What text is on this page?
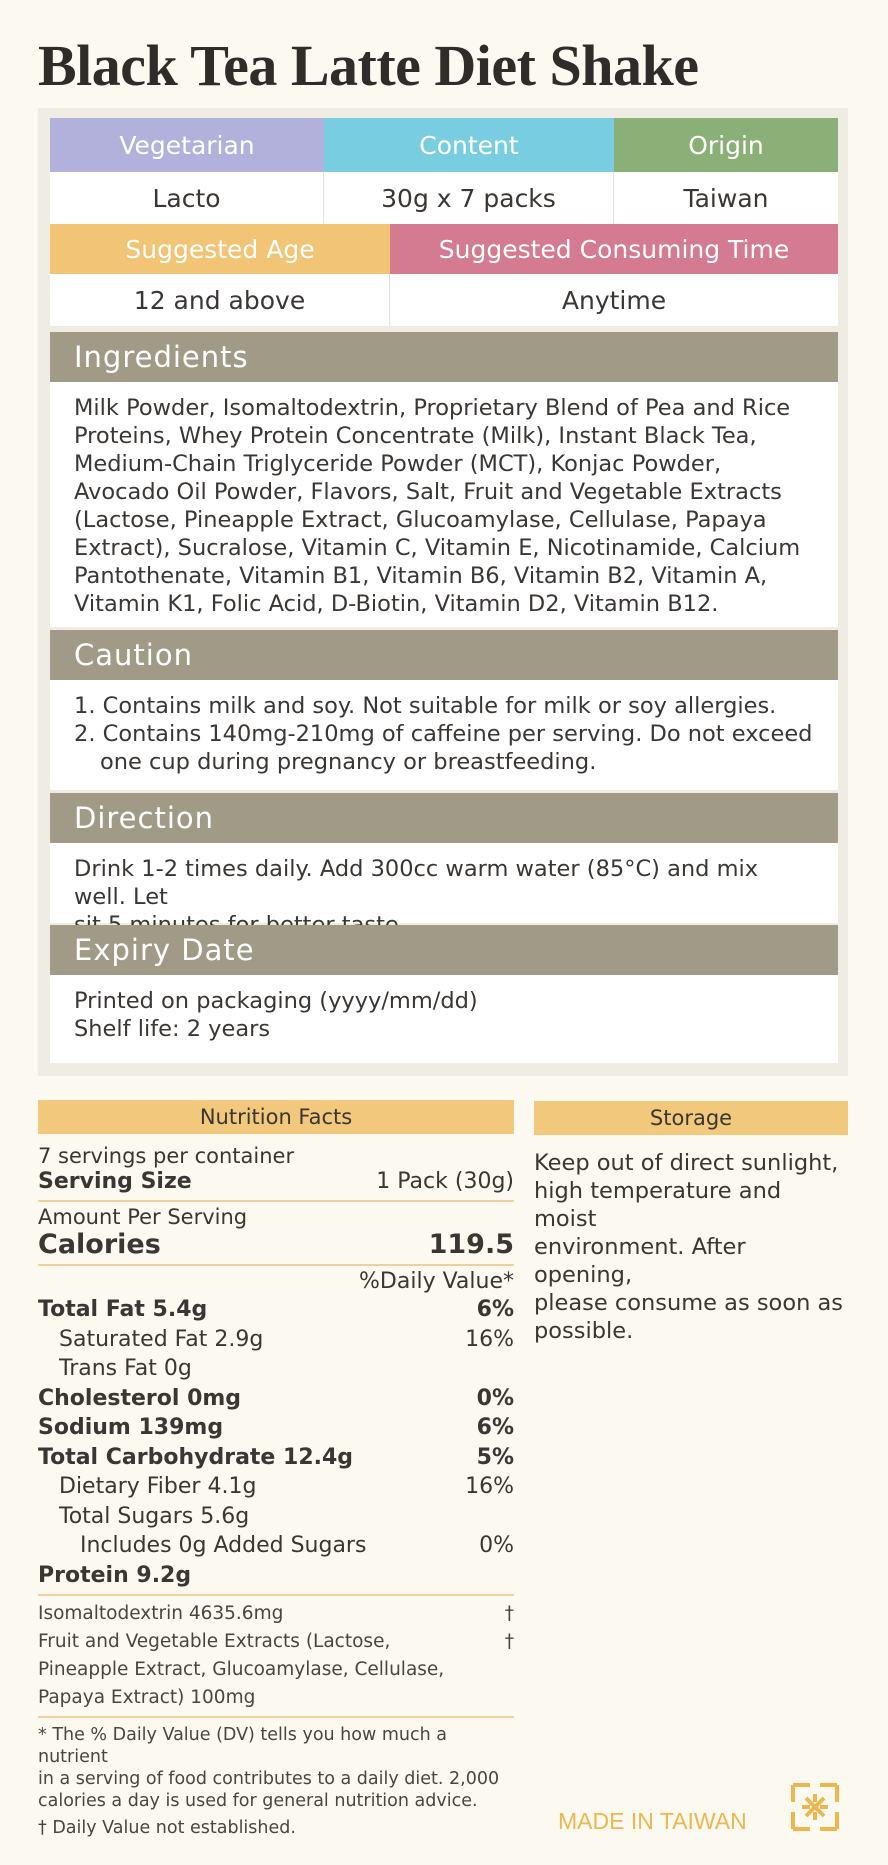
Black Tea Latte Diet Shake
Vegetarian
Lacto
Content
30g x 7 packs
Origin
Taiwan
Suggested Age
12 and above
Suggested Consuming Time
Anytime
Ingredients
Milk Powder, Isomaltodextrin, Proprietary Blend of Pea and Rice
Proteins, Whey Protein Concentrate (Milk), Instant Black Tea,
Medium-Chain Triglyceride Powder (MCT), Konjac Powder,
Avocado Oil Powder, Flavors, Salt, Fruit and Vegetable Extracts
(Lactose, Pineapple Extract, Glucoamylase, Cellulase, Papaya
Extract), Sucralose, Vitamin C, Vitamin E, Nicotinamide, Calcium
Pantothenate, Vitamin B1, Vitamin B6, Vitamin B2, Vitamin A,
Vitamin K1, Folic Acid, D-Biotin, Vitamin D2, Vitamin B12.
Caution
1. Contains milk and soy. Not suitable for milk or soy allergies.
2. Contains 140mg-210mg of caffeine per serving. Do not exceed one cup during pregnancy or breastfeeding.
Direction
Drink 1-2 times daily. Add 300cc warm water (85°C) and mix well. Let
Expiry Date
Printed on packaging (yyyy/mm/dd)
Shelf life: 2 years
Nutrition Facts
7 servings per container
Serving Size	1 Pack (30g)
Amount Per Serving
Calories	119.5
%Daily Value*
Total Fat 5.4g	6%
Saturated Fat 2.9g	16%
Trans Fat 0g
Cholesterol 0mg	0%
Sodium 139mg	6%
Total Carbohydrate 12.4g	5%
Dietary Fiber 4.1g	16%
Total Sugars 5.6g
Includes 0g Added Sugars	0%
Protein 9.2g
Isomaltodextrin 4635.6mg	†
Fruit and Vegetable Extracts (Lactose,	†
Pineapple Extract, Glucoamylase, Cellulase,
Papaya Extract) 100mg
* The % Daily Value (DV) tells you how much a nutrient
in a serving of food contributes to a daily diet. 2,000
calories a day is used for general nutrition advice.
† Daily Value not established.
Storage
Keep out of direct sunlight,
high temperature and moist
environment. After opening,
please consume as soon as
possible.
MADE IN TAIWAN
